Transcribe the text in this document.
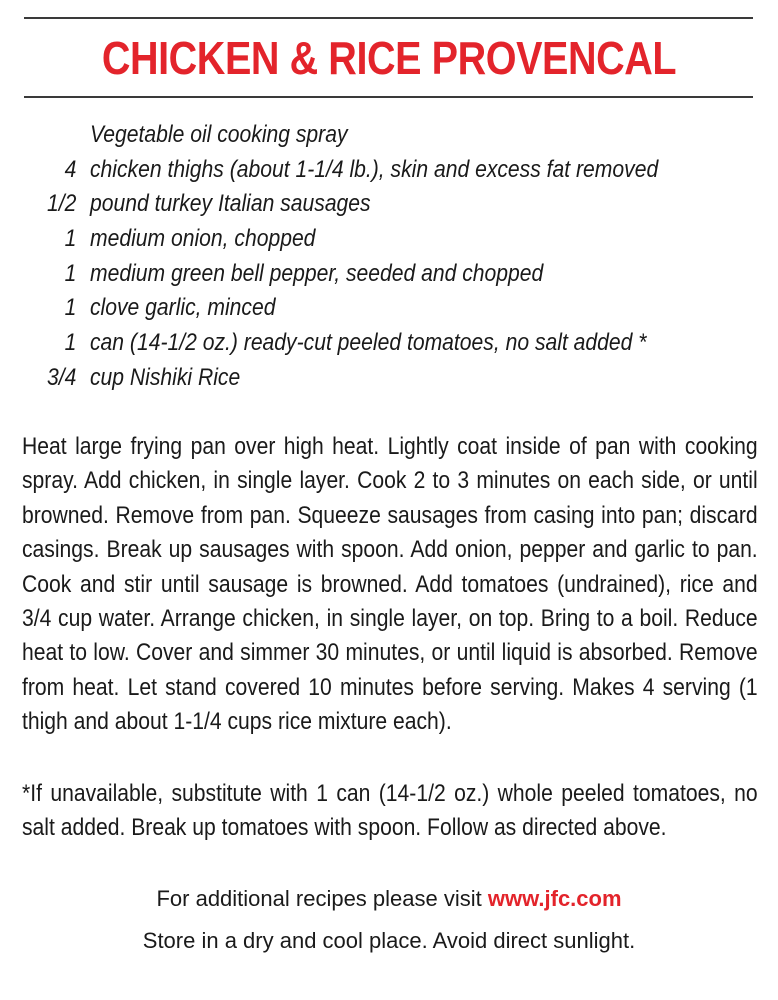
CHICKEN & RICE PROVENCAL
Vegetable oil cooking spray
4 chicken thighs (about 1-1/4 lb.), skin and excess fat removed
1/2 pound turkey Italian sausages
1 medium onion, chopped
1 medium green bell pepper, seeded and chopped
1 clove garlic, minced
1 can (14-1/2 oz.) ready-cut peeled tomatoes, no salt added *
3/4 cup Nishiki Rice

Heat large frying pan over high heat. Lightly coat inside of pan with cooking spray. Add chicken, in single layer. Cook 2 to 3 minutes on each side, or until browned. Remove from pan. Squeeze sausages from casing into pan; discard casings. Break up sausages with spoon. Add onion, pepper and garlic to pan. Cook and stir until sausage is browned. Add tomatoes (undrained), rice and 3/4 cup water. Arrange chicken, in single layer, on top. Bring to a boil. Reduce heat to low. Cover and simmer 30 minutes, or until liquid is absorbed. Remove from heat. Let stand covered 10 minutes before serving. Makes 4 serving (1 thigh and about 1-1/4 cups rice mixture each).

*If unavailable, substitute with 1 can (14-1/2 oz.) whole peeled tomatoes, no salt added. Break up tomatoes with spoon. Follow as directed above.

For additional recipes please visit www.jfc.com
Store in a dry and cool place. Avoid direct sunlight.
